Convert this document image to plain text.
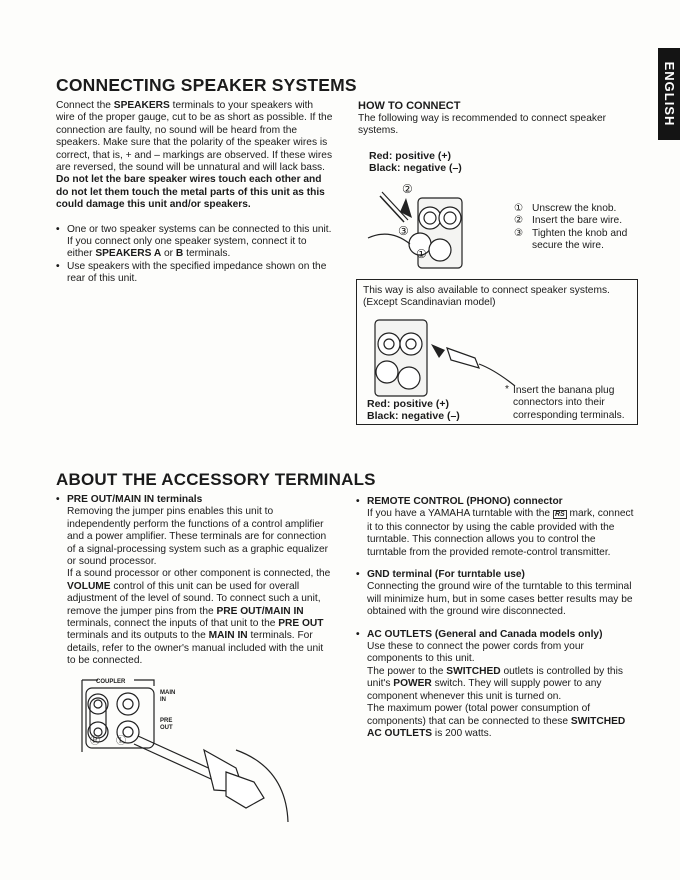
ENGLISH
CONNECTING SPEAKER SYSTEMS

Connect the SPEAKERS terminals to your speakers with wire of the proper gauge, cut to be as short as possible. If the connection are faulty, no sound will be heard from the speakers. Make sure that the polarity of the speaker wires is correct, that is, + and – markings are observed. If these wires are reversed, the sound will be unnatural and will lack bass.

Do not let the bare speaker wires touch each other and do not let them touch the metal parts of this unit as this could damage this unit and/or speakers.

• One or two speaker systems can be connected to this unit. If you connect only one speaker system, connect it to either SPEAKERS A or B terminals.

• Use speakers with the specified impedance shown on the rear of this unit.

HOW TO CONNECT

The following way is recommended to connect speaker systems.

Red: positive (+)
Black: negative (–)
②
③
①
① Unscrew the knob.
② Insert the bare wire.
③ Tighten the knob and secure the wire.

This way is also available to connect speaker systems. (Except Scandinavian model)

Red: positive (+)
Black: negative (–)
* Insert the banana plug connectors into their corresponding terminals.

ABOUT THE ACCESSORY TERMINALS
• PRE OUT/MAIN IN terminals

Removing the jumper pins enables this unit to independently perform the functions of a control amplifier and a power amplifier. These terminals are for connection of a signal-processing system such as a graphic equalizer or sound processor.

If a sound processor or other component is connected, the VOLUME control of this unit can be used for overall adjustment of the level of sound. To connect such a unit, remove the jumper pins from the PRE OUT/MAIN IN terminals, connect the inputs of that unit to the PRE OUT terminals and its outputs to the MAIN IN terminals. For details, refer to the owner's manual included with the unit to be connected.

COUPLER
MAIN IN
PRE OUT
Ⓡ Ⓛ
• REMOTE CONTROL (PHONO) connector

If you have a YAMAHA turntable with the RS mark, connect it to this connector by using the cable provided with the turntable. This connection allows you to control the turntable from the provided remote-control transmitter.

• GND terminal (For turntable use)

Connecting the ground wire of the turntable to this terminal will minimize hum, but in some cases better results may be obtained with the ground wire disconnected.

• AC OUTLETS (General and Canada models only)

Use these to connect the power cords from your components to this unit.

The power to the SWITCHED outlets is controlled by this unit's POWER switch. They will supply power to any component whenever this unit is turned on.

The maximum power (total power consumption of components) that can be connected to these SWITCHED AC OUTLETS is 200 watts.
